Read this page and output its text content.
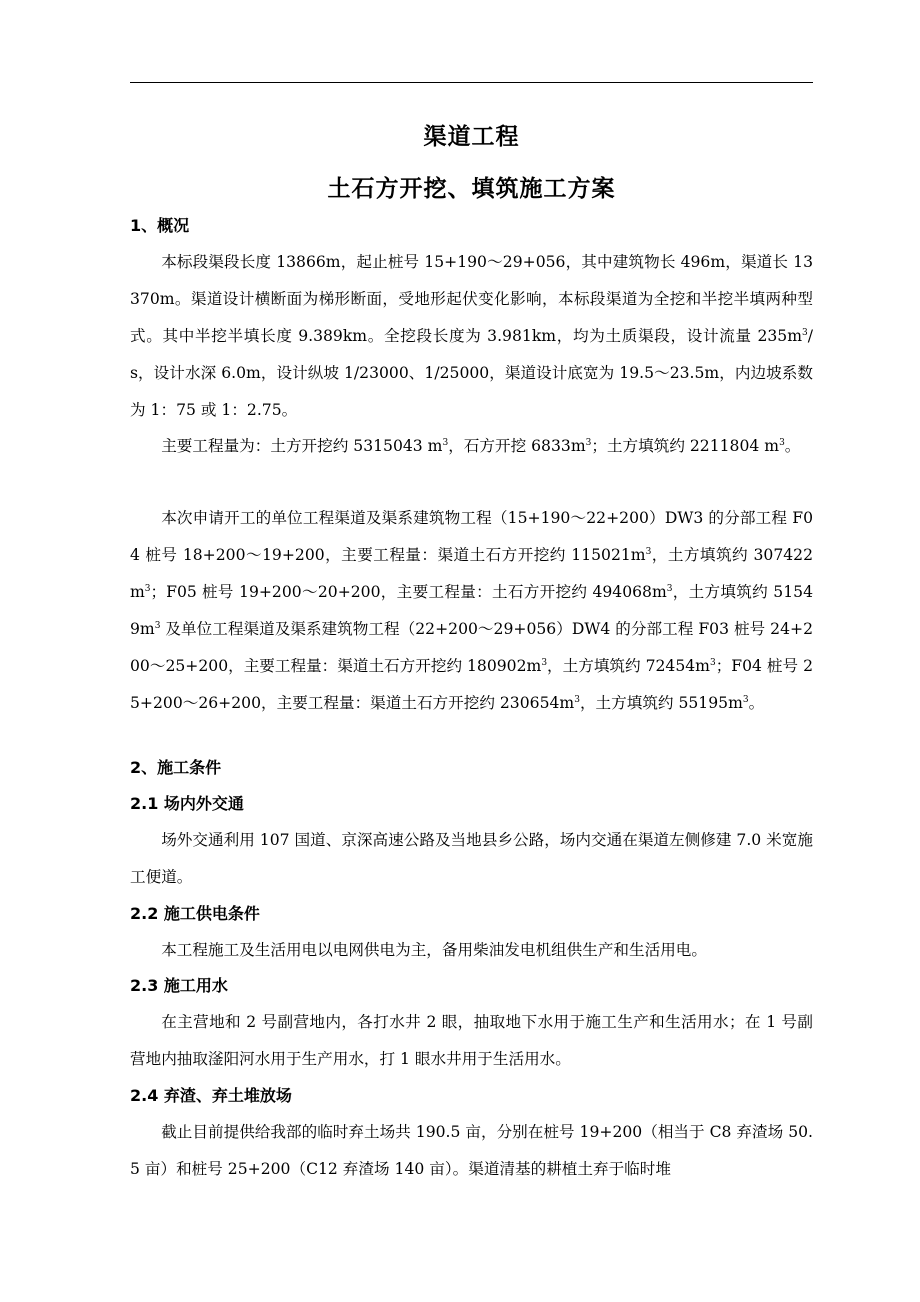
渠道工程
土石方开挖、填筑施工方案
1、概况

本标段渠段长度 13866m，起止桩号 15+190～29+056，其中建筑物长 496m，渠道长 13370m。渠道设计横断面为梯形断面，受地形起伏变化影响，本标段渠道为全挖和半挖半填两种型式。其中半挖半填长度 9.389km。全挖段长度为 3.981km，均为土质渠段，设计流量 $235m^3/s$，设计水深 6.0m，设计纵坡 1/23000、1/25000，渠道设计底宽为 19.5～23.5m，内边坡系数为 1：75 或 1：2.75。

主要工程量为：土方开挖约 5315043 $m^3$，石方开挖 $6833m^3$；土方填筑约 2211804 $m^3$。

本次申请开工的单位工程渠道及渠系建筑物工程（15+190～22+200）DW3 的分部工程 F04 桩号 18+200～19+200，主要工程量：渠道土石方开挖约 $115021m^3$，土方填筑约 $307422m^3$；F05 桩号 19+200～20+200，主要工程量：土石方开挖约 $494068m^3$，土方填筑约 $51549m^3$ 及单位工程渠道及渠系建筑物工程（22+200～29+056）DW4 的分部工程 F03 桩号 24+200～25+200，主要工程量：渠道土石方开挖约 $180902m^3$，土方填筑约 $72454m^3$；F04 桩号 25+200～26+200，主要工程量：渠道土石方开挖约 $230654m^3$，土方填筑约 $55195m^3$。

2、施工条件
2.1 场内外交通

场外交通利用 107 国道、京深高速公路及当地县乡公路，场内交通在渠道左侧修建 7.0 米宽施工便道。

2.2 施工供电条件

本工程施工及生活用电以电网供电为主，备用柴油发电机组供生产和生活用电。

2.3 施工用水

在主营地和 2 号副营地内，各打水井 2 眼，抽取地下水用于施工生产和生活用水；在 1 号副营地内抽取滏阳河水用于生产用水，打 1 眼水井用于生活用水。

2.4 弃渣、弃土堆放场

截止目前提供给我部的临时弃土场共 190.5 亩，分别在桩号 19+200（相当于 C8 弃渣场 50.5 亩）和桩号 25+200（C12 弃渣场 140 亩）。渠道清基的耕植土弃于临时堆
